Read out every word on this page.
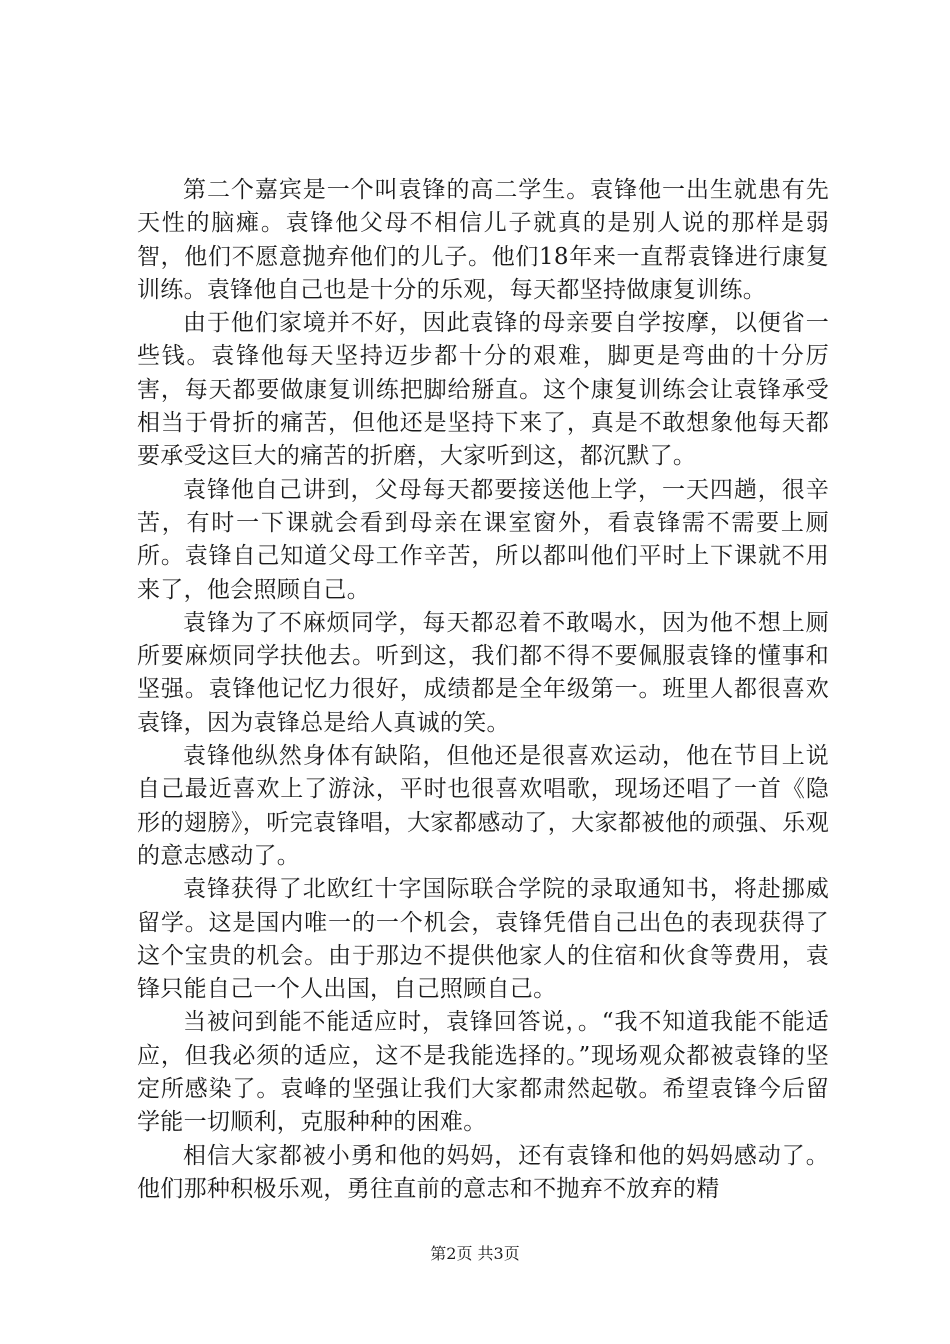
第二个嘉宾是一个叫袁锋的高二学生。袁锋他一出生就患有先天性的脑瘫。袁锋他父母不相信儿子就真的是别人说的那样是弱智，他们不愿意抛弃他们的儿子。他们18年来一直帮袁锋进行康复训练。袁锋他自己也是十分的乐观，每天都坚持做康复训练。

由于他们家境并不好，因此袁锋的母亲要自学按摩，以便省一些钱。袁锋他每天坚持迈步都十分的艰难，脚更是弯曲的十分厉害，每天都要做康复训练把脚给掰直。这个康复训练会让袁锋承受相当于骨折的痛苦，但他还是坚持下来了，真是不敢想象他每天都要承受这巨大的痛苦的折磨，大家听到这，都沉默了。

袁锋他自己讲到，父母每天都要接送他上学，一天四趟，很辛苦，有时一下课就会看到母亲在课室窗外，看袁锋需不需要上厕所。袁锋自己知道父母工作辛苦，所以都叫他们平时上下课就不用来了，他会照顾自己。

袁锋为了不麻烦同学，每天都忍着不敢喝水，因为他不想上厕所要麻烦同学扶他去。听到这，我们都不得不要佩服袁锋的懂事和坚强。袁锋他记忆力很好，成绩都是全年级第一。班里人都很喜欢袁锋，因为袁锋总是给人真诚的笑。

袁锋他纵然身体有缺陷，但他还是很喜欢运动，他在节目上说自己最近喜欢上了游泳，平时也很喜欢唱歌，现场还唱了一首《隐形的翅膀》，听完袁锋唱，大家都感动了，大家都被他的顽强、乐观的意志感动了。

袁锋获得了北欧红十字国际联合学院的录取通知书，将赴挪威留学。这是国内唯一的一个机会，袁锋凭借自己出色的表现获得了这个宝贵的机会。由于那边不提供他家人的住宿和伙食等费用，袁锋只能自己一个人出国，自己照顾自己。

当被问到能不能适应时，袁锋回答说，。“我不知道我能不能适应，但我必须的适应，这不是我能选择的。”现场观众都被袁锋的坚定所感染了。袁峰的坚强让我们大家都肃然起敬。希望袁锋今后留学能一切顺利，克服种种的困难。

相信大家都被小勇和他的妈妈，还有袁锋和他的妈妈感动了。他们那种积极乐观，勇往直前的意志和不抛弃不放弃的精

第2页 共3页
